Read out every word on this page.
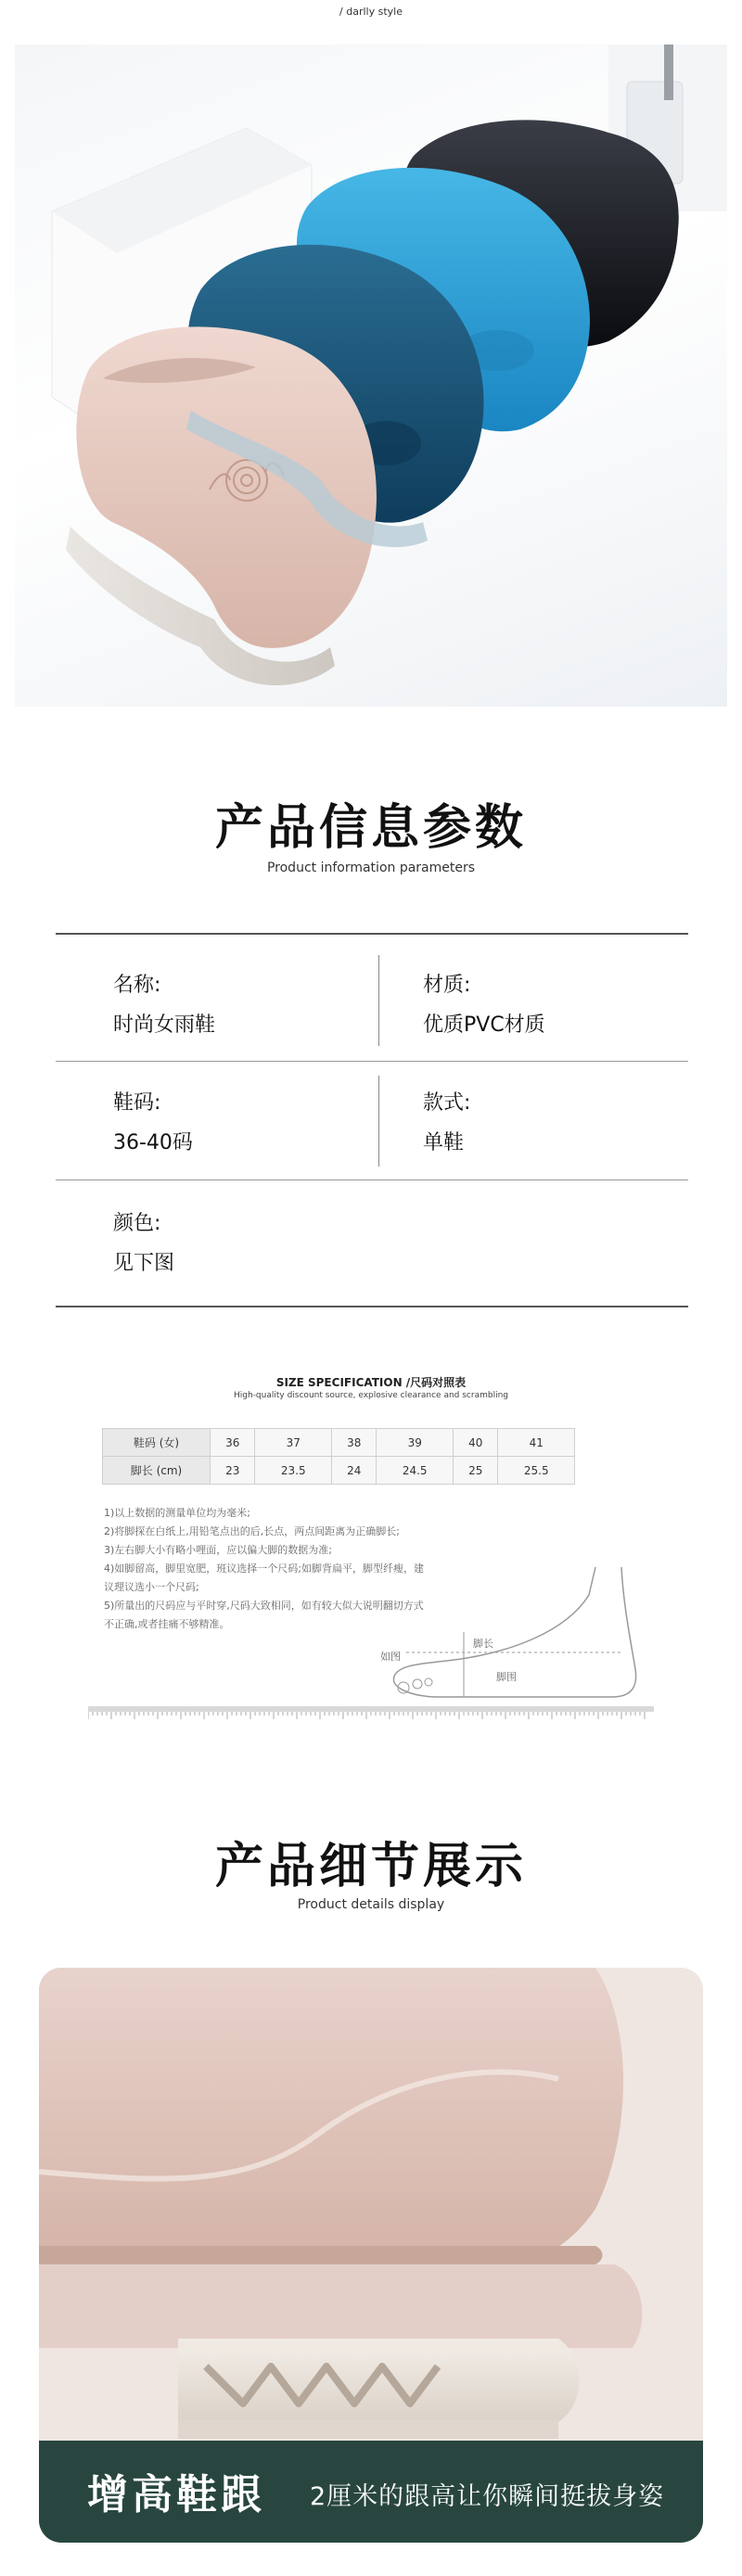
/ darlly style
产品信息参数
Product information parameters
名称:
时尚女雨鞋
材质:
优质PVC材质
鞋码:
36-40码
款式:
单鞋
颜色:
见下图
SIZE SPECIFICATION /尺码对照表
High-quality discount source, explosive clearance and scrambling
鞋码 (女)	36	37	38	39	40	41
脚长 (cm)	23	23.5	24	24.5	25	25.5
1)以上数据的测量单位均为毫米;
2)将脚探在白纸上,用铅笔点出的后,长点，两点间距离为正确脚长;
3)左右脚大小有略小哩面，应以偏大脚的数据为准;
4)如脚留高，脚里宽肥，班议选择一个尺码;如脚背扁平，脚型纤瘦，建
议理议选小一个尺码;
5)所量出的尺码应与平时穿,尺码大致相同，如有较大似大说明翻切方式
不正确,或者挂痛不够精准。
脚长
脚围
如图
产品细节展示
Product details display
增高鞋跟 2厘米的跟高让你瞬间挺拔身姿
